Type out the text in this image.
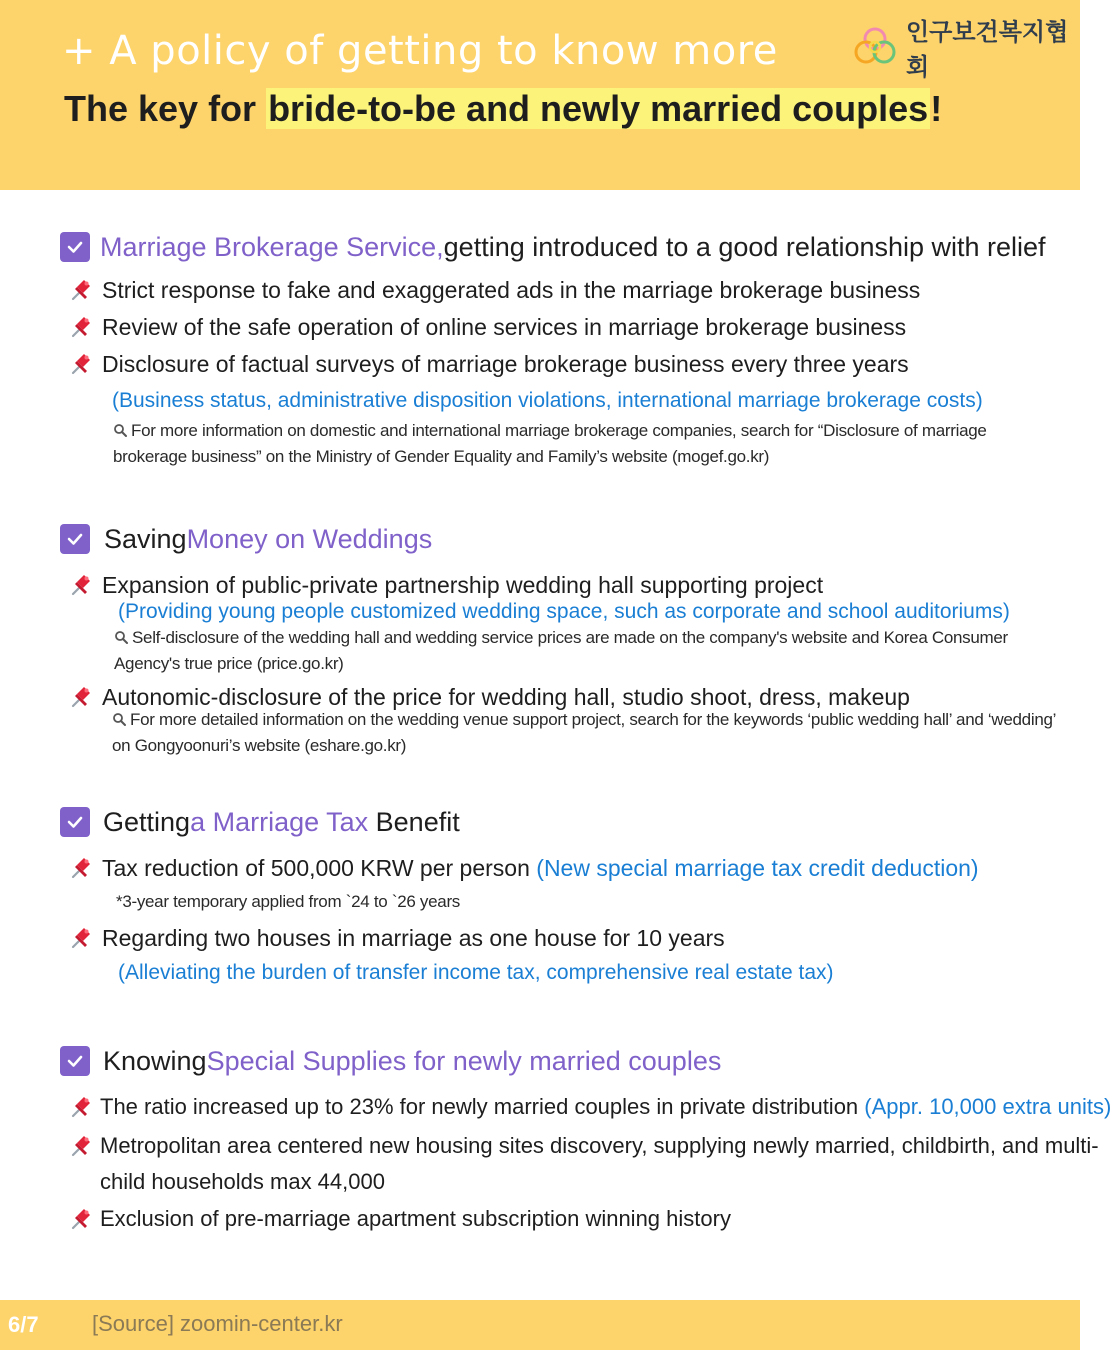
+ A policy of getting to know more
The key for bride-to-be and newly married couples!
인구보건복지협회
Marriage Brokerage Service, getting introduced to a good relationship with relief
Strict response to fake and exaggerated ads in the marriage brokerage business
Review of the safe operation of online services in marriage brokerage business
Disclosure of factual surveys of marriage brokerage business every three years
(Business status, administrative disposition violations, international marriage brokerage costs)
For more information on domestic and international marriage brokerage companies, search for “Disclosure of marriage brokerage business” on the Ministry of Gender Equality and Family’s website (mogef.go.kr)
Saving Money on Weddings
Expansion of public-private partnership wedding hall supporting project
(Providing young people customized wedding space, such as corporate and school auditoriums)
Self-disclosure of the wedding hall and wedding service prices are made on the company's website and Korea Consumer Agency's true price (price.go.kr)
Autonomic-disclosure of the price for wedding hall, studio shoot, dress, makeup
For more detailed information on the wedding venue support project, search for the keywords ‘public wedding hall’ and ‘wedding’ on Gongyoonuri’s website (eshare.go.kr)
Getting a Marriage Tax Benefit
Tax reduction of 500,000 KRW per person (New special marriage tax credit deduction)
*3-year temporary applied from `24 to `26 years
Regarding two houses in marriage as one house for 10 years
(Alleviating the burden of transfer income tax, comprehensive real estate tax)
Knowing Special Supplies for newly married couples
The ratio increased up to 23% for newly married couples in private distribution (Appr. 10,000 extra units)
Metropolitan area centered new housing sites discovery, supplying newly married, childbirth, and multi-
child households max 44,000
Exclusion of pre-marriage apartment subscription winning history
6/7 [Source] zoomin-center.kr
